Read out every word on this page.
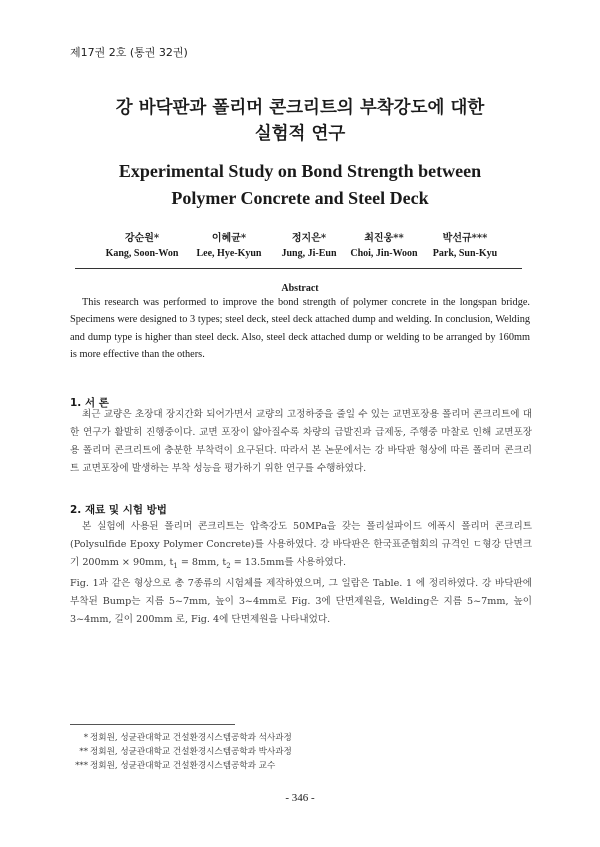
제17권 2호 (통권 32권)
강 바닥판과 폴리머 콘크리트의 부착강도에 대한
실험적 연구
Experimental Study on Bond Strength between
Polymer Concrete and Steel Deck
강순원*
Kang, Soon-Won
이혜균*
Lee, Hye-Kyun
정지은*
Jung, Ji-Eun
최진웅**
Choi, Jin-Woon
박선규***
Park, Sun-Kyu
Abstract
This research was performed to improve the bond strength of polymer concrete in the longspan bridge. Specimens were designed to 3 types; steel deck, steel deck attached dump and welding. In conclusion, Welding and dump type is higher than steel deck. Also, steel deck attached dump or welding to be arranged by 160mm is more effective than the others.
1. 서 론
최근 교량은 초장대 장지간화 되어가면서 교량의 고정하중을 줄일 수 있는 교면포장용 폴리머 콘크리트에 대한 연구가 활발히 진행중이다. 교면 포장이 얇아질수록 차량의 급발진과 급제동, 주행중 마찰로 인해 교면포장용 폴리머 콘크리트에 충분한 부착력이 요구된다. 따라서 본 논문에서는 강 바닥판 형상에 따른 폴리머 콘크리트 교면포장에 발생하는 부착 성능을 평가하기 위한 연구를 수행하였다.
2. 재료 및 시험 방법
본 실험에 사용된 폴리머 콘크리트는 압축강도 50MPa을 갖는 폴리설파이드 에폭시 폴리머 콘크리트(Polysulfide Epoxy Polymer Concrete)를 사용하였다. 강 바닥판은 한국표준협회의 규격인 ㄷ형강 단면크기 200mm × 90mm, $t_1 = 8mm$, $t_2 = 13.5mm$를 사용하였다.
Fig. 1과 같은 형상으로 총 7종류의 시험체를 제작하였으며, 그 일람은 Table. 1 에 정리하였다. 강 바닥판에 부착된 Bump는 지름 5~7mm, 높이 3~4mm로 Fig. 3에 단면제원을, Welding은 지름 5~7mm, 높이 3~4mm, 길이 200mm 로, Fig. 4에 단면제원을 나타내었다.
* 정회원, 성균관대학교 건설환경시스템공학과 석사과정
** 정회원, 성균관대학교 건설환경시스템공학과 박사과정
*** 정회원, 성균관대학교 건설환경시스템공학과 교수
- 346 -
